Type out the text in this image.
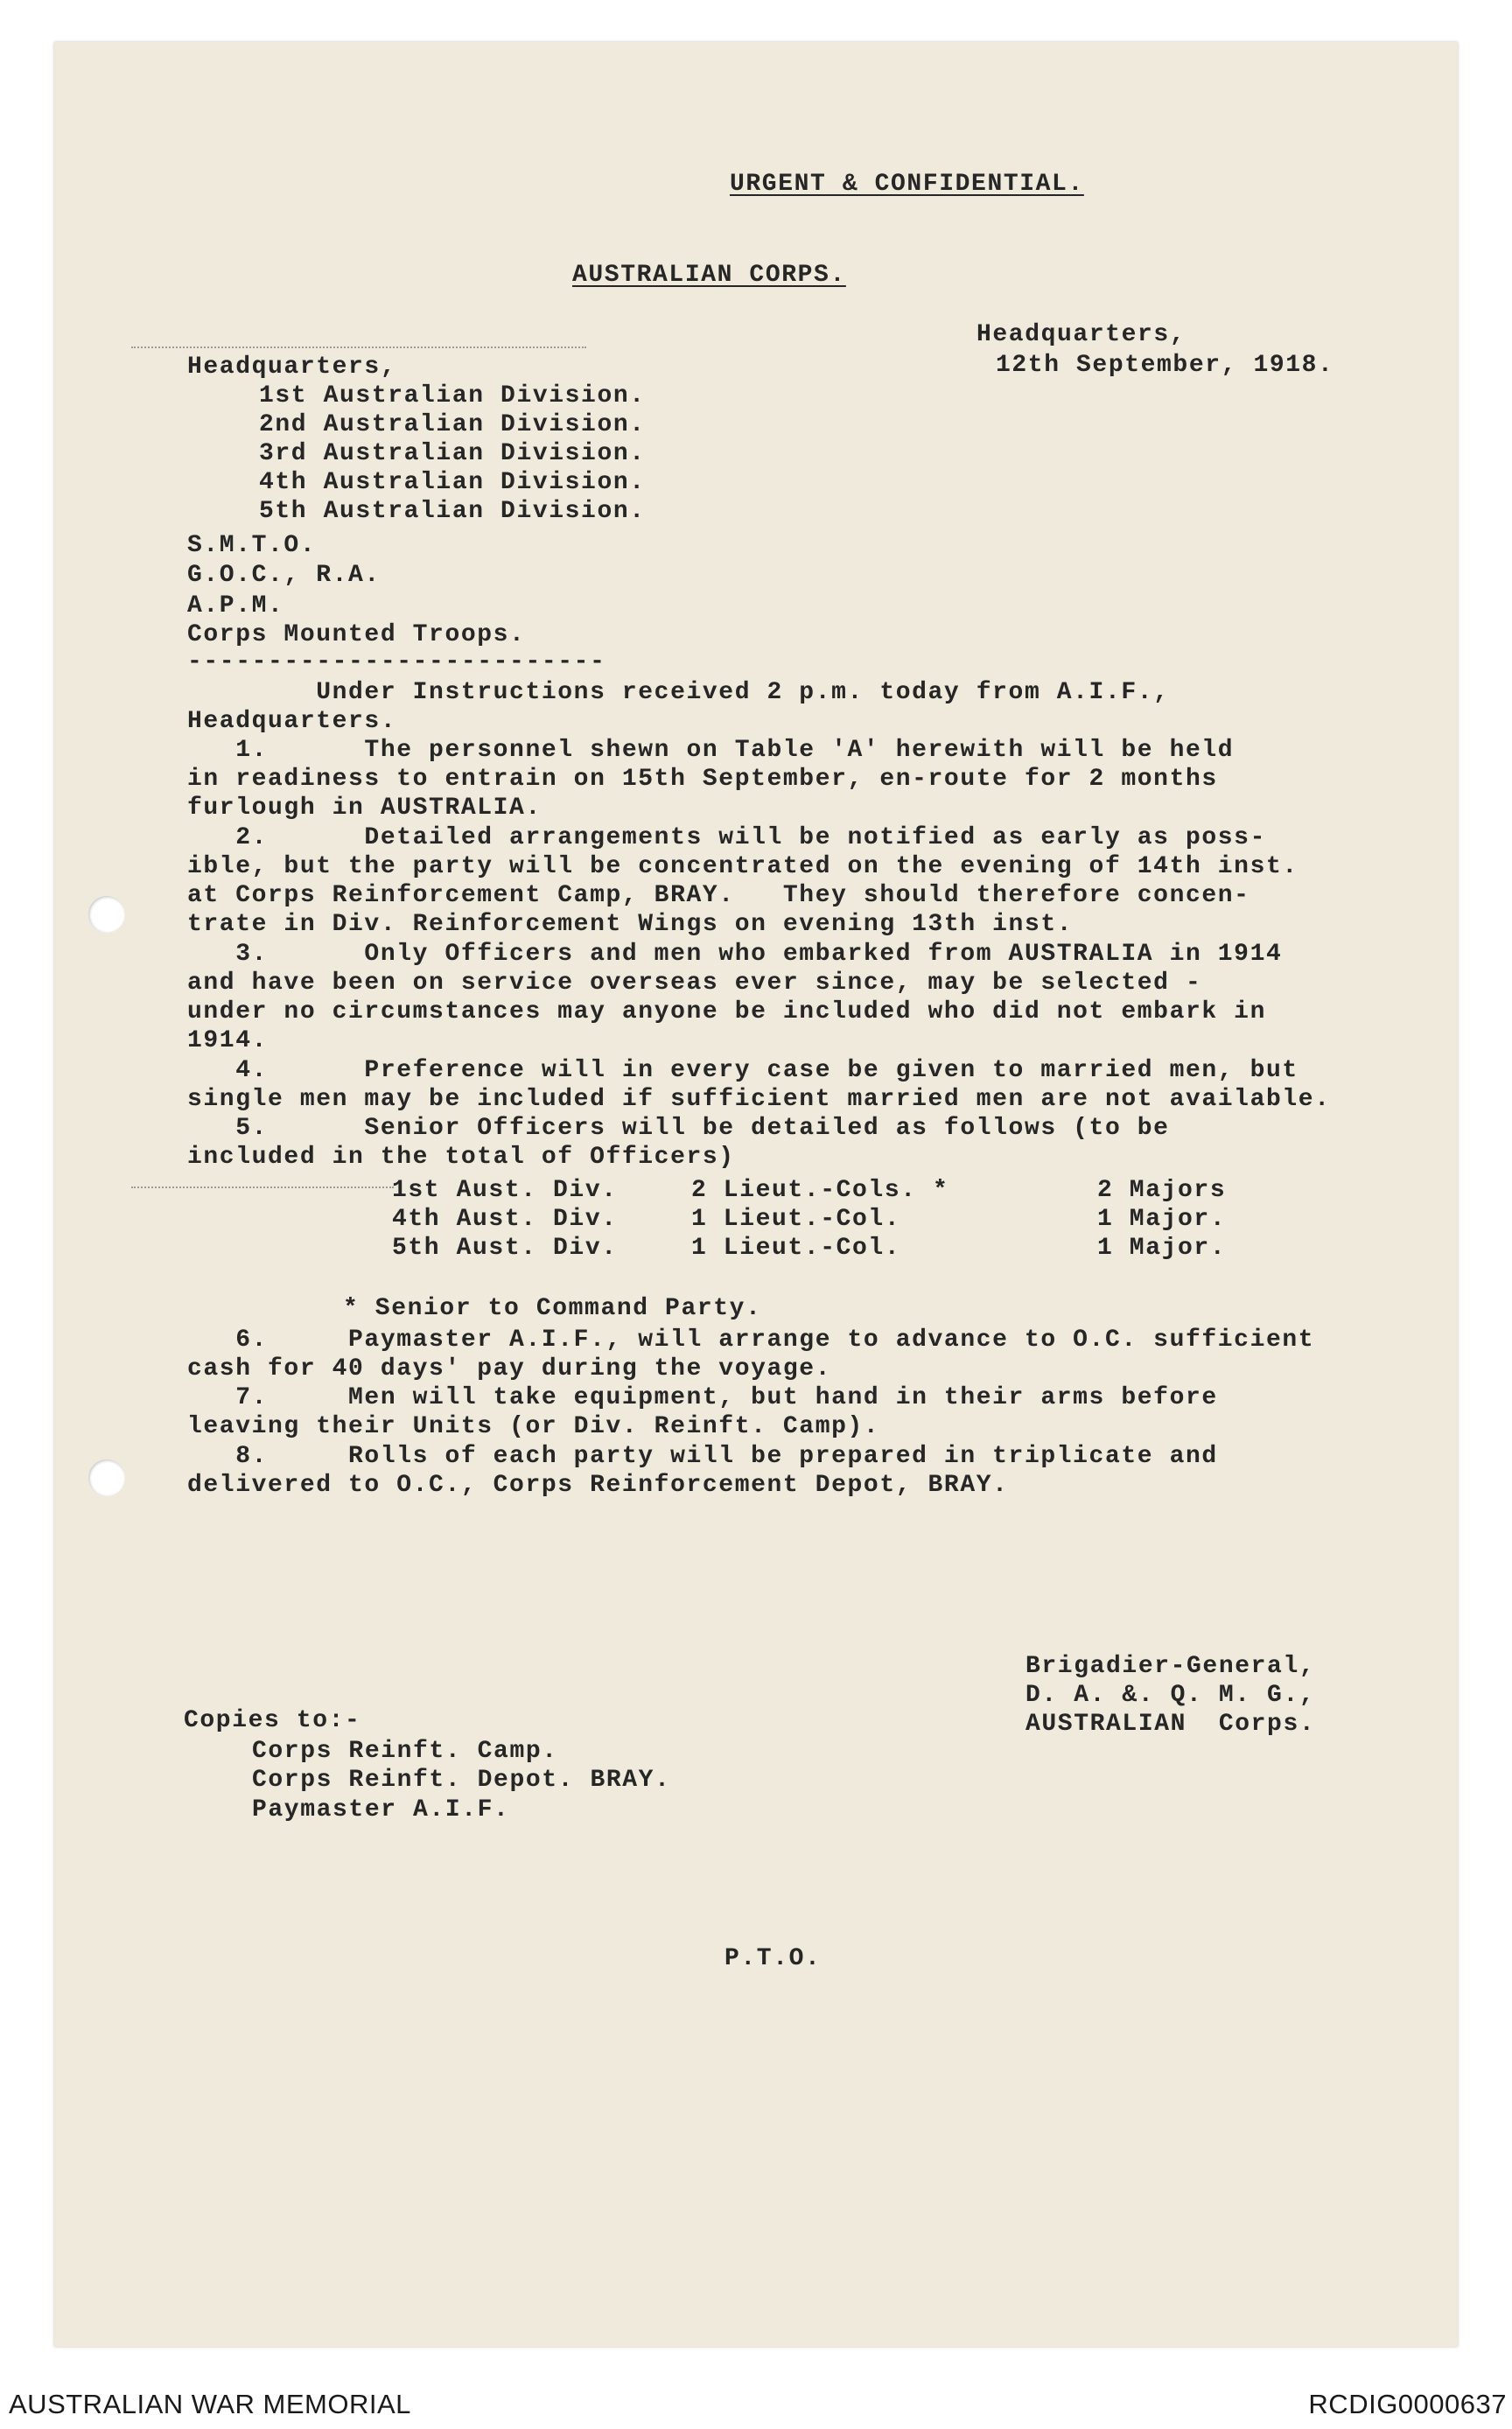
URGENT & CONFIDENTIAL.
AUSTRALIAN CORPS.
Headquarters,
12th September, 1918.
Headquarters,
1st Australian Division.
2nd Australian Division.
3rd Australian Division.
4th Australian Division.
5th Australian Division.
S.M.T.O.
G.O.C., R.A.
A.P.M.
Corps Mounted Troops.
--------------------------
Under Instructions received 2 p.m. today from A.I.F.,
Headquarters.
1.      The personnel shewn on Table 'A' herewith will be held
in readiness to entrain on 15th September, en-route for 2 months
furlough in AUSTRALIA.
2.      Detailed arrangements will be notified as early as poss-
ible, but the party will be concentrated on the evening of 14th inst.
at Corps Reinforcement Camp, BRAY.   They should therefore concen-
trate in Div. Reinforcement Wings on evening 13th inst.
3.      Only Officers and men who embarked from AUSTRALIA in 1914
and have been on service overseas ever since, may be selected -
under no circumstances may anyone be included who did not embark in
1914.
4.      Preference will in every case be given to married men, but
single men may be included if sufficient married men are not available.
5.      Senior Officers will be detailed as follows (to be
included in the total of Officers)
1st Aust. Div.	2 Lieut.-Cols. *	2 Majors
4th Aust. Div.	1 Lieut.-Col.	1 Major.
5th Aust. Div.	1 Lieut.-Col.	1 Major.
* Senior to Command Party.
6.     Paymaster A.I.F., will arrange to advance to O.C. sufficient
cash for 40 days' pay during the voyage.
7.     Men will take equipment, but hand in their arms before
leaving their Units (or Div. Reinft. Camp).
8.     Rolls of each party will be prepared in triplicate and
delivered to O.C., Corps Reinforcement Depot, BRAY.
Brigadier-General,
D. A. &. Q. M. G.,
AUSTRALIAN  Corps.
Copies to:-
Corps Reinft. Camp.
Corps Reinft. Depot. BRAY.
Paymaster A.I.F.
P.T.O.
AUSTRALIAN WAR MEMORIAL	RCDIG0000637
